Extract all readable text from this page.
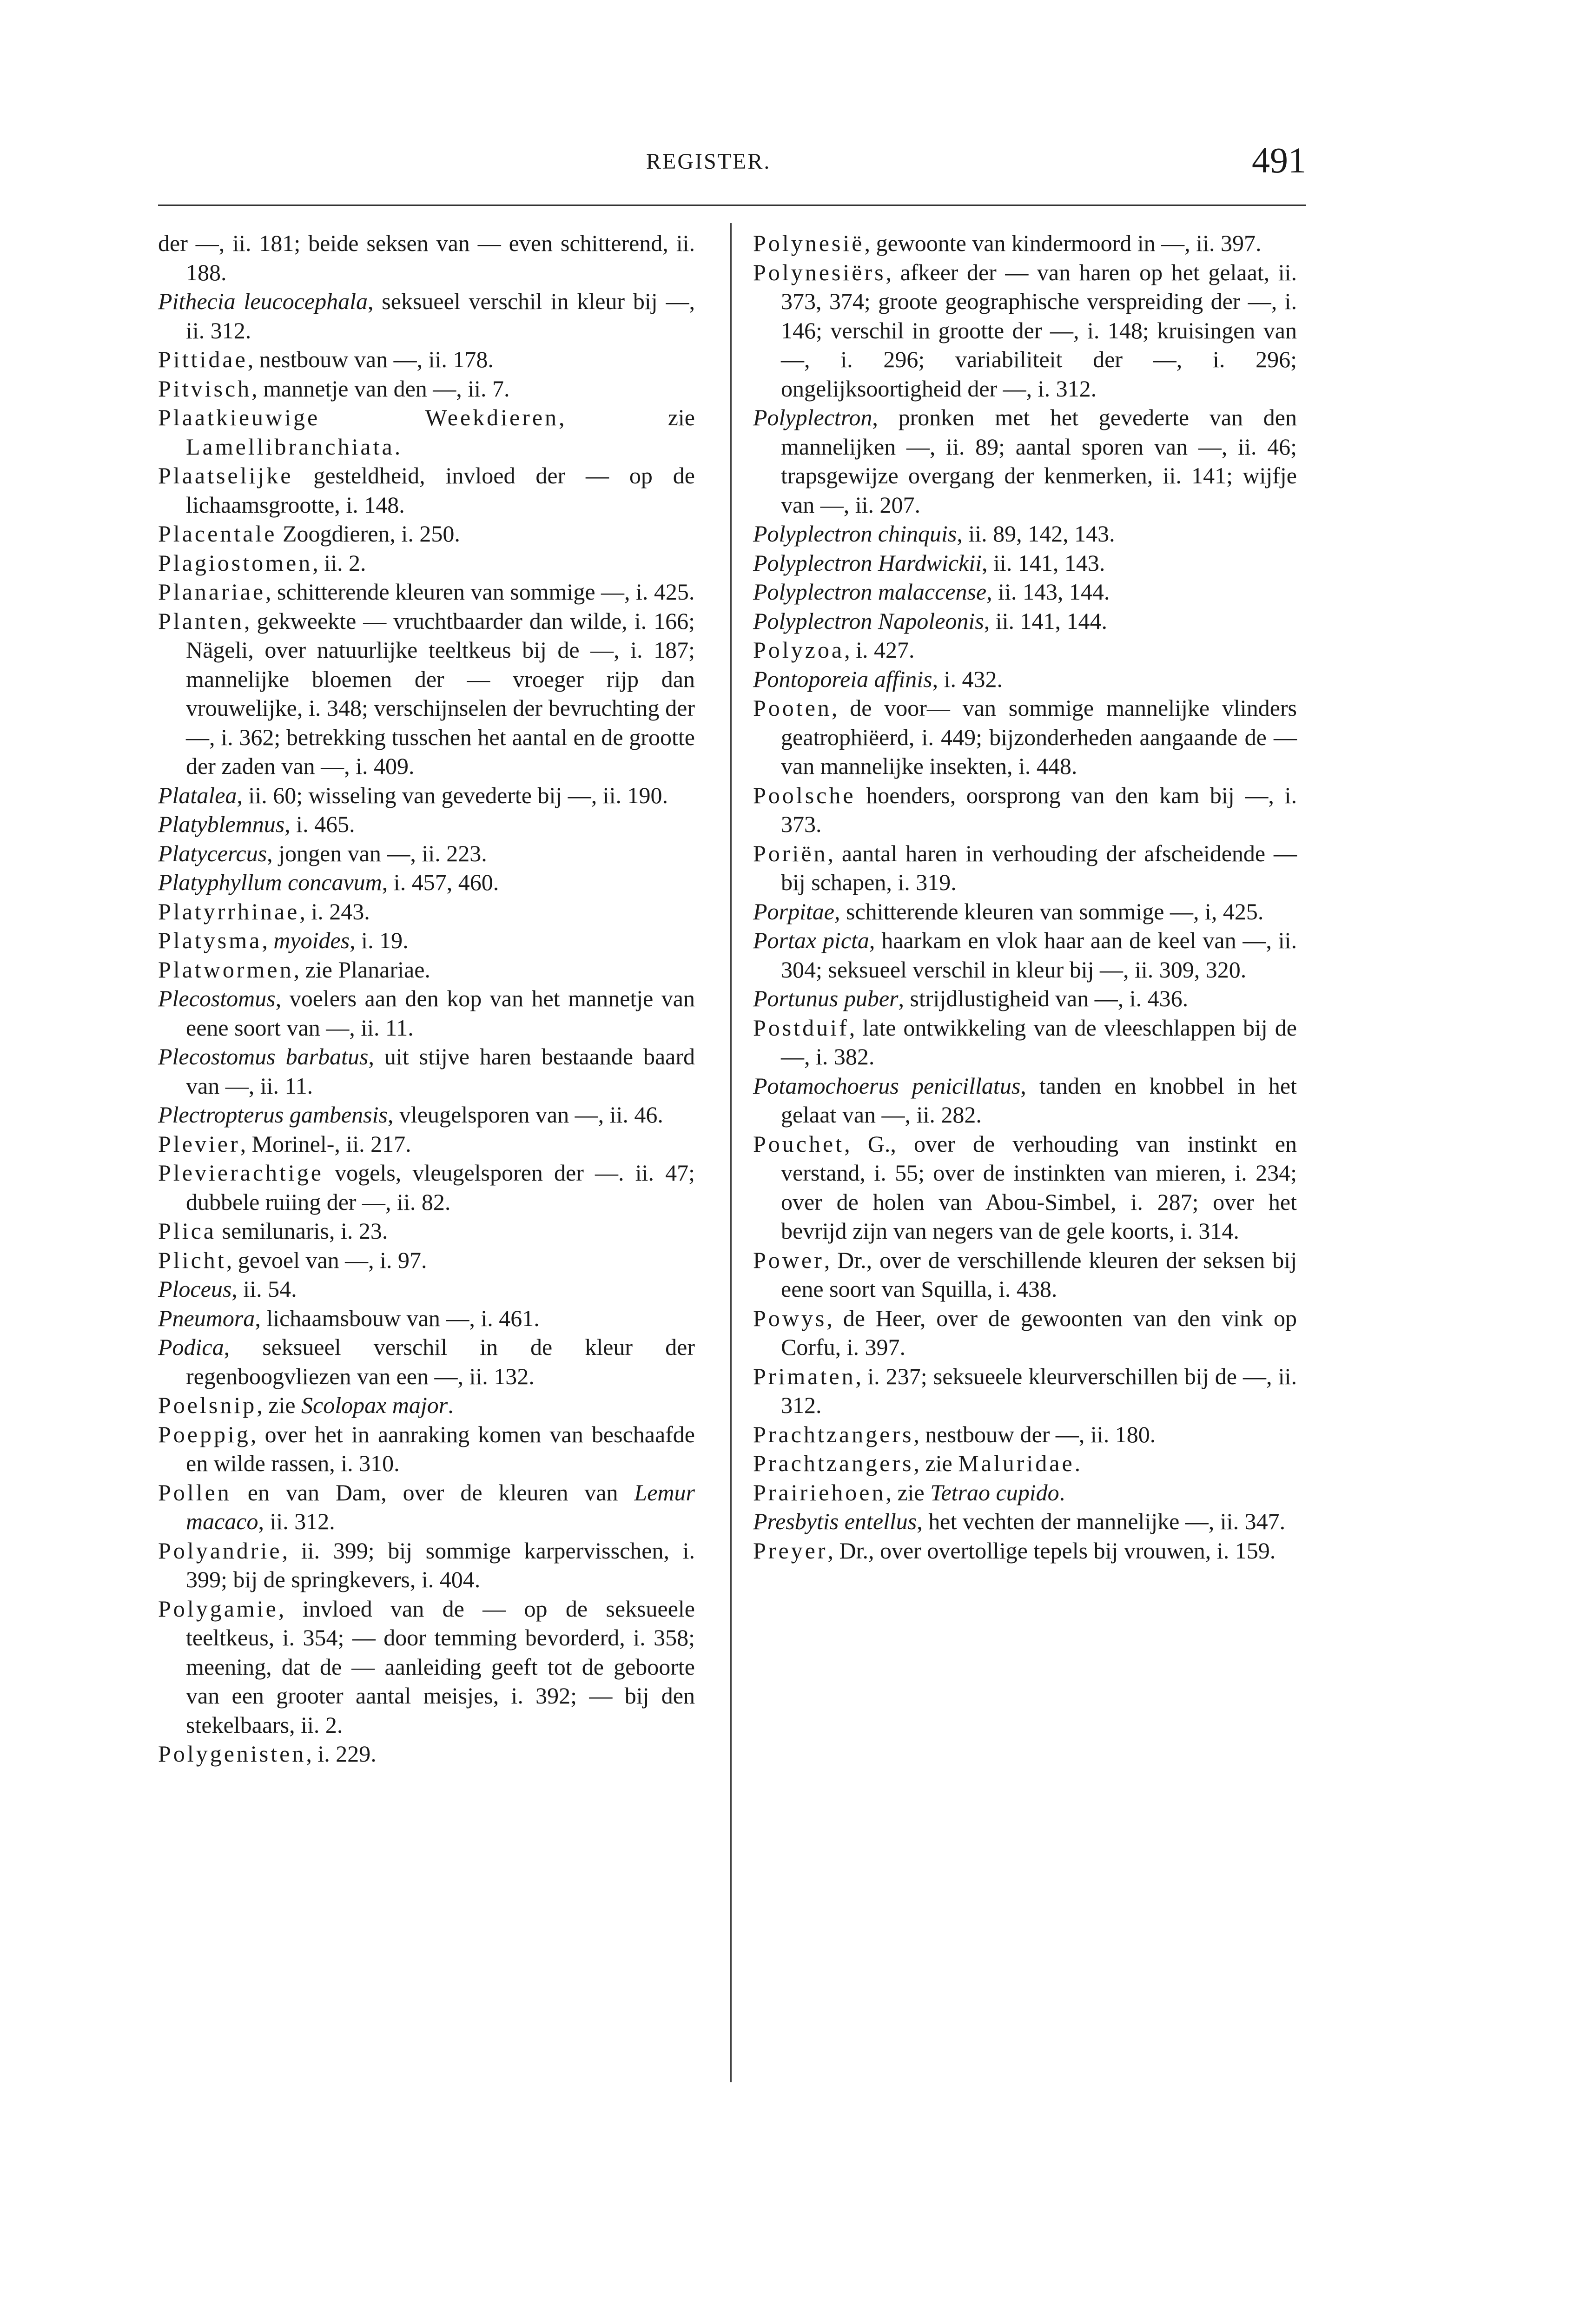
REGISTER.	491

der —, ii. 181; beide seksen van — even schitterend, ii. 188.

Pithecia leucocephala, seksueel verschil in kleur bij —, ii. 312.

Pittidae, nestbouw van —, ii. 178.

Pitvisch, mannetje van den —, ii. 7.

Plaatkieuwige Weekdieren, zie Lamellibranchiata.

Plaatselijke gesteldheid, invloed der — op de lichaamsgrootte, i. 148.

Placentale Zoogdieren, i. 250.

Plagiostomen, ii. 2.

Planariae, schitterende kleuren van sommige —, i. 425.

Planten, gekweekte — vruchtbaarder dan wilde, i. 166; Nägeli, over natuurlijke teeltkeus bij de —, i. 187; mannelijke bloemen der — vroeger rijp dan vrouwelijke, i. 348; verschijnselen der bevruchting der —, i. 362; betrekking tusschen het aantal en de grootte der zaden van —, i. 409.

Platalea, ii. 60; wisseling van gevederte bij —, ii. 190.

Platyblemnus, i. 465.

Platycercus, jongen van —, ii. 223.

Platyphyllum concavum, i. 457, 460.

Platyrrhinae, i. 243.

Platysma, myoides, i. 19.

Platwormen, zie Planariae.

Plecostomus, voelers aan den kop van het mannetje van eene soort van —, ii. 11.

Plecostomus barbatus, uit stijve haren bestaande baard van —, ii. 11.

Plectropterus gambensis, vleugelsporen van —, ii. 46.

Plevier, Morinel-, ii. 217.

Plevierachtige vogels, vleugelsporen der —. ii. 47; dubbele ruiing der —, ii. 82.

Plica semilunaris, i. 23.

Plicht, gevoel van —, i. 97.

Ploceus, ii. 54.

Pneumora, lichaamsbouw van —, i. 461.

Podica, seksueel verschil in de kleur der regenboogvliezen van een —, ii. 132.

Poelsnip, zie Scolopax major.

Poeppig, over het in aanraking komen van beschaafde en wilde rassen, i. 310.

Pollen en van Dam, over de kleuren van Lemur macaco, ii. 312.

Polyandrie, ii. 399; bij sommige karpervisschen, i. 399; bij de springkevers, i. 404.

Polygamie, invloed van de — op de seksueele teeltkeus, i. 354; — door temming bevorderd, i. 358; meening, dat de — aanleiding geeft tot de geboorte van een grooter aantal meisjes, i. 392; — bij den stekelbaars, ii. 2.

Polygenisten, i. 229.

Polynesië, gewoonte van kindermoord in —, ii. 397.

Polynesiërs, afkeer der — van haren op het gelaat, ii. 373, 374; groote geographische verspreiding der —, i. 146; verschil in grootte der —, i. 148; kruisingen van —, i. 296; variabiliteit der —, i. 296; ongelijksoortigheid der —, i. 312.

Polyplectron, pronken met het gevederte van den mannelijken —, ii. 89; aantal sporen van —, ii. 46; trapsgewijze overgang der kenmerken, ii. 141; wijfje van —, ii. 207.

Polyplectron chinquis, ii. 89, 142, 143.

Polyplectron Hardwickii, ii. 141, 143.

Polyplectron malaccense, ii. 143, 144.

Polyplectron Napoleonis, ii. 141, 144.

Polyzoa, i. 427.

Pontoporeia affinis, i. 432.

Pooten, de voor— van sommige mannelijke vlinders geatrophiëerd, i. 449; bijzonderheden aangaande de — van mannelijke insekten, i. 448.

Poolsche hoenders, oorsprong van den kam bij —, i. 373.

Poriën, aantal haren in verhouding der afscheidende — bij schapen, i. 319.

Porpitae, schitterende kleuren van sommige —, i, 425.

Portax picta, haarkam en vlok haar aan de keel van —, ii. 304; seksueel verschil in kleur bij —, ii. 309, 320.

Portunus puber, strijdlustigheid van —, i. 436.

Postduif, late ontwikkeling van de vleeschlappen bij de —, i. 382.

Potamochoerus penicillatus, tanden en knobbel in het gelaat van —, ii. 282.

Pouchet, G., over de verhouding van instinkt en verstand, i. 55; over de instinkten van mieren, i. 234; over de holen van Abou-Simbel, i. 287; over het bevrijd zijn van negers van de gele koorts, i. 314.

Power, Dr., over de verschillende kleuren der seksen bij eene soort van Squilla, i. 438.

Powys, de Heer, over de gewoonten van den vink op Corfu, i. 397.

Primaten, i. 237; seksueele kleurverschillen bij de —, ii. 312.

Prachtzangers, nestbouw der —, ii. 180.

Prachtzangers, zie Maluridae.

Prairiehoen, zie Tetrao cupido.

Presbytis entellus, het vechten der mannelijke —, ii. 347.

Preyer, Dr., over overtollige tepels bij vrouwen, i. 159.
